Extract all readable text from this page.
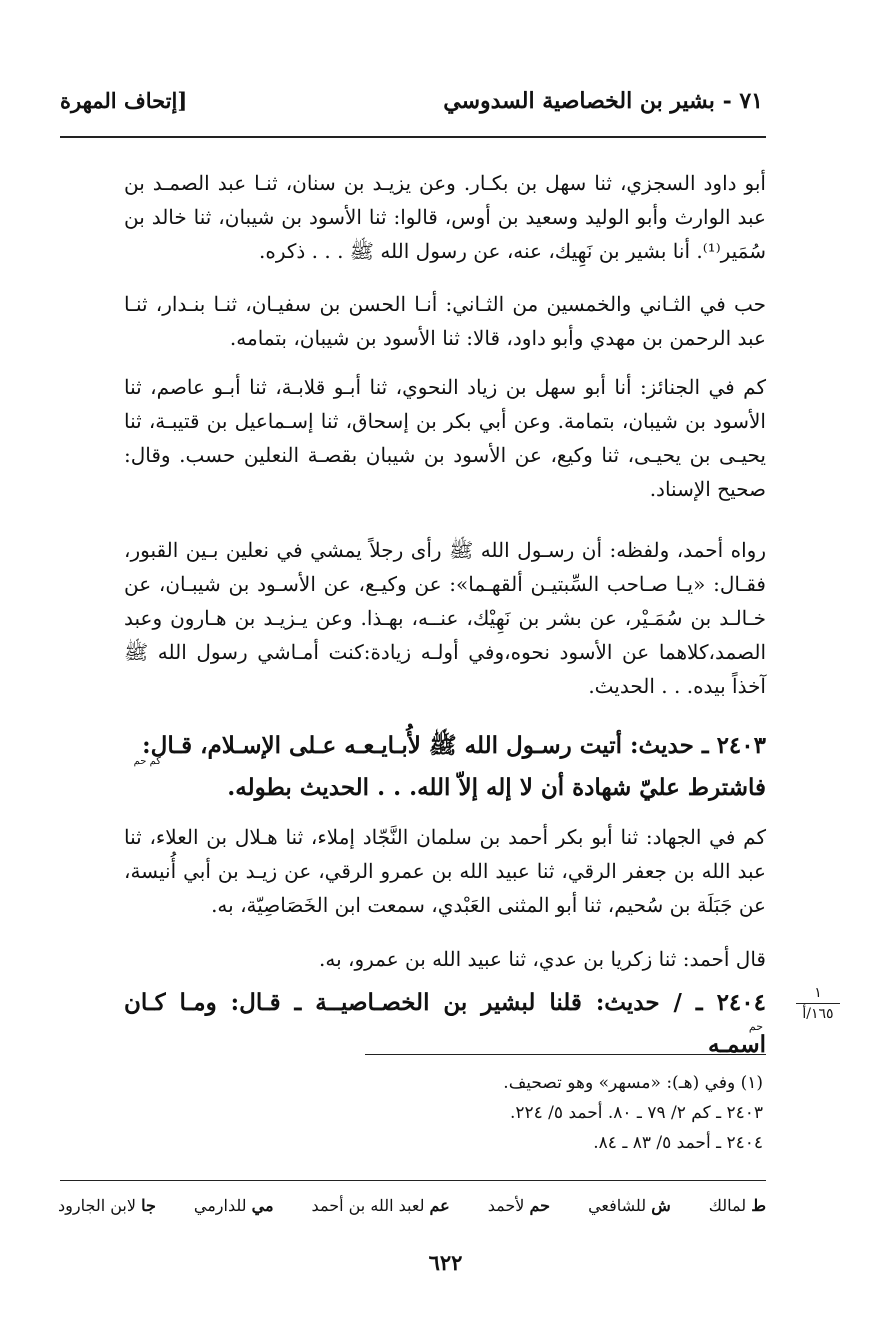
٧١ - بشير بن الخصاصية السدوسي
[إتحاف المهرة

أبو داود السجزي، ثنا سهل بن بكـار. وعن يزيـد بن سنان، ثنـا عبد الصمـد بن عبد الوارث وأبو الوليد وسعيد بن أوس، قالوا: ثنا الأسود بن شيبان، ثنا خالد بن سُمَير⁽¹⁾. أنا بشير بن نَهِيك، عنه، عن رسول الله ﷺ . . . ذكره.

حب في الثـاني والخمسين من الثـاني: أنـا الحسن بن سفيـان، ثنـا بنـدار، ثنـا عبد الرحمن بن مهدي وأبو داود، قالا: ثنا الأسود بن شيبان، بتمامه.

كم في الجنائز: أنا أبو سهل بن زياد النحوي، ثنا أبـو قلابـة، ثنا أبـو عاصم، ثنا الأسود بن شيبان، بتمامة. وعن أبي بكر بن إسحاق، ثنا إسـماعيل بن قتيبـة، ثنا يحيـى بن يحيـى، ثنا وكيع، عن الأسود بن شيبان بقصـة النعلين حسب. وقال: صحيح الإسناد.

رواه أحمد، ولفظه: أن رسـول الله ﷺ رأى رجلاً يمشي في نعلين بـين القبور، فقـال: «يـا صـاحب السِّبتيـن ألقهـما»: عن وكيـع، عن الأسـود بن شيبـان، عن خـالـد بن سُمَـيْر، عن بشر بن نَهِيْك، عنــه، بهـذا. وعن يـزيـد بن هـارون وعبد الصمد،كلاهما عن الأسود نحوه،وفي أولـه زيادة:كنت أمـاشي رسول الله ﷺ آخذاً بيده. . . الحديث.

٢٤٠٣ ـ حديث: أتيت رسـول الله ﷺ لأُبـايـعـه عـلى الإسـلام، قـال:
فاشترط عليّ شهادة أن لا إله إلاّ الله. . . الحديث بطوله.
كم حم

كم في الجهاد: ثنا أبو بكر أحمد بن سلمان النَّجّاد إملاء، ثنا هـلال بن العلاء، ثنا عبد الله بن جعفر الرقي، ثنا عبيد الله بن عمرو الرقي، عن زيـد بن أبي أُنيسة، عن جَبَلَة بن سُحيم، ثنا أبو المثنى العَبْدي، سمعت ابن الخَصَاصِيّة، به.

قال أحمد: ثنا زكريا بن عدي، ثنا عبيد الله بن عمرو، به.

٢٤٠٤ ـ / حديث: قلنا لبشير بن الخصـاصيــة ـ قـال: ومـا كـان اسمـه
حم
١
١٦٥/أ
(١) وفي (هـ): «مسهر» وهو تصحيف.
٢٤٠٣ ـ كم ٢/ ٧٩ ـ ٨٠. أحمد ٥/ ٢٢٤.
٢٤٠٤ ـ أحمد ٥/ ٨٣ ـ ٨٤.
ط لمالك
ش للشافعي
حم لأحمد
عم لعبد الله بن أحمد
مي للدارمي
جا لابن الجارود
٦٢٢
